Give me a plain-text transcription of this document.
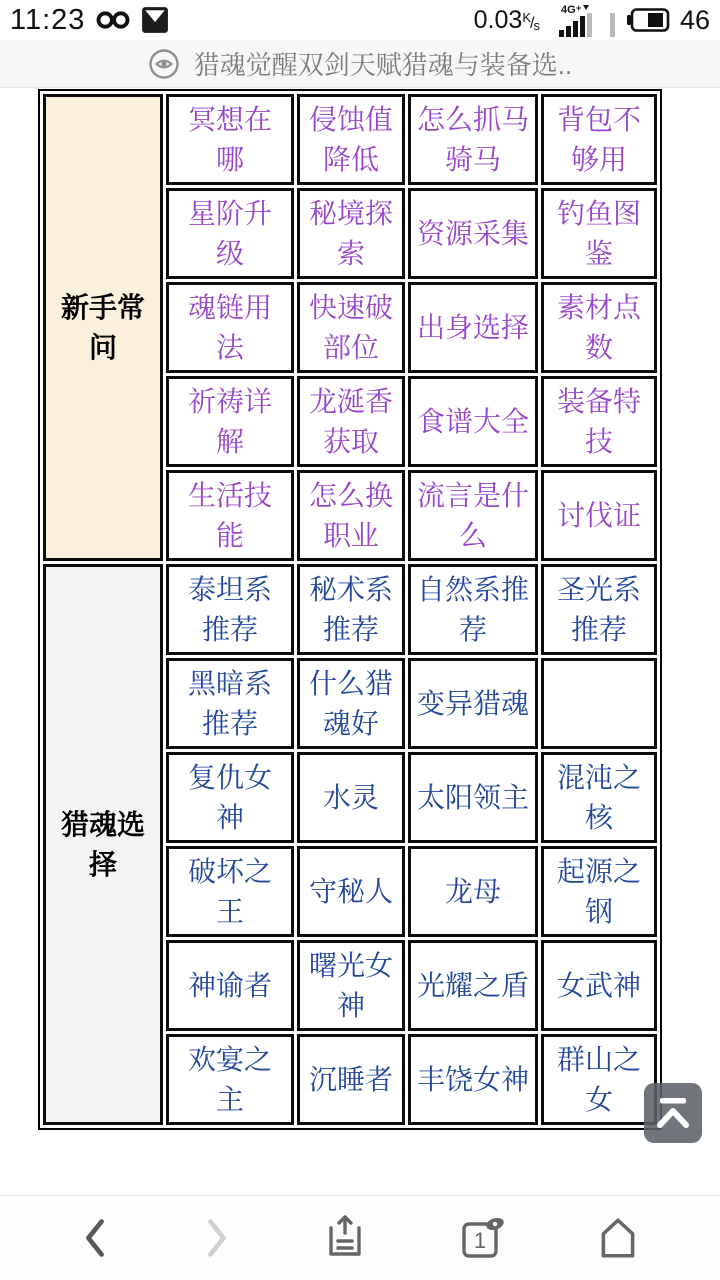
11:23	$0.03^K/_s$
4G +	46
猎魂觉醒双剑天赋猎魂与装备选..
新手常问	冥想在哪	侵蚀值降低	怎么抓马骑马	背包不够用
	星阶升级	秘境探索	资源采集	钓鱼图鉴
	魂链用法	快速破部位	出身选择	素材点数
	祈祷详解	龙涎香获取	食谱大全	装备特技
	生活技能	怎么换职业	流言是什么	讨伐证
猎魂选择	泰坦系推荐	秘术系推荐	自然系推荐	圣光系推荐
	黑暗系推荐	什么猎魂好	变异猎魂	
	复仇女神	水灵	太阳领主	混沌之核
	破坏之王	守秘人	龙母	起源之钢
	神谕者	曙光女神	光耀之盾	女武神
	欢宴之主	沉睡者	丰饶女神	群山之女
1
